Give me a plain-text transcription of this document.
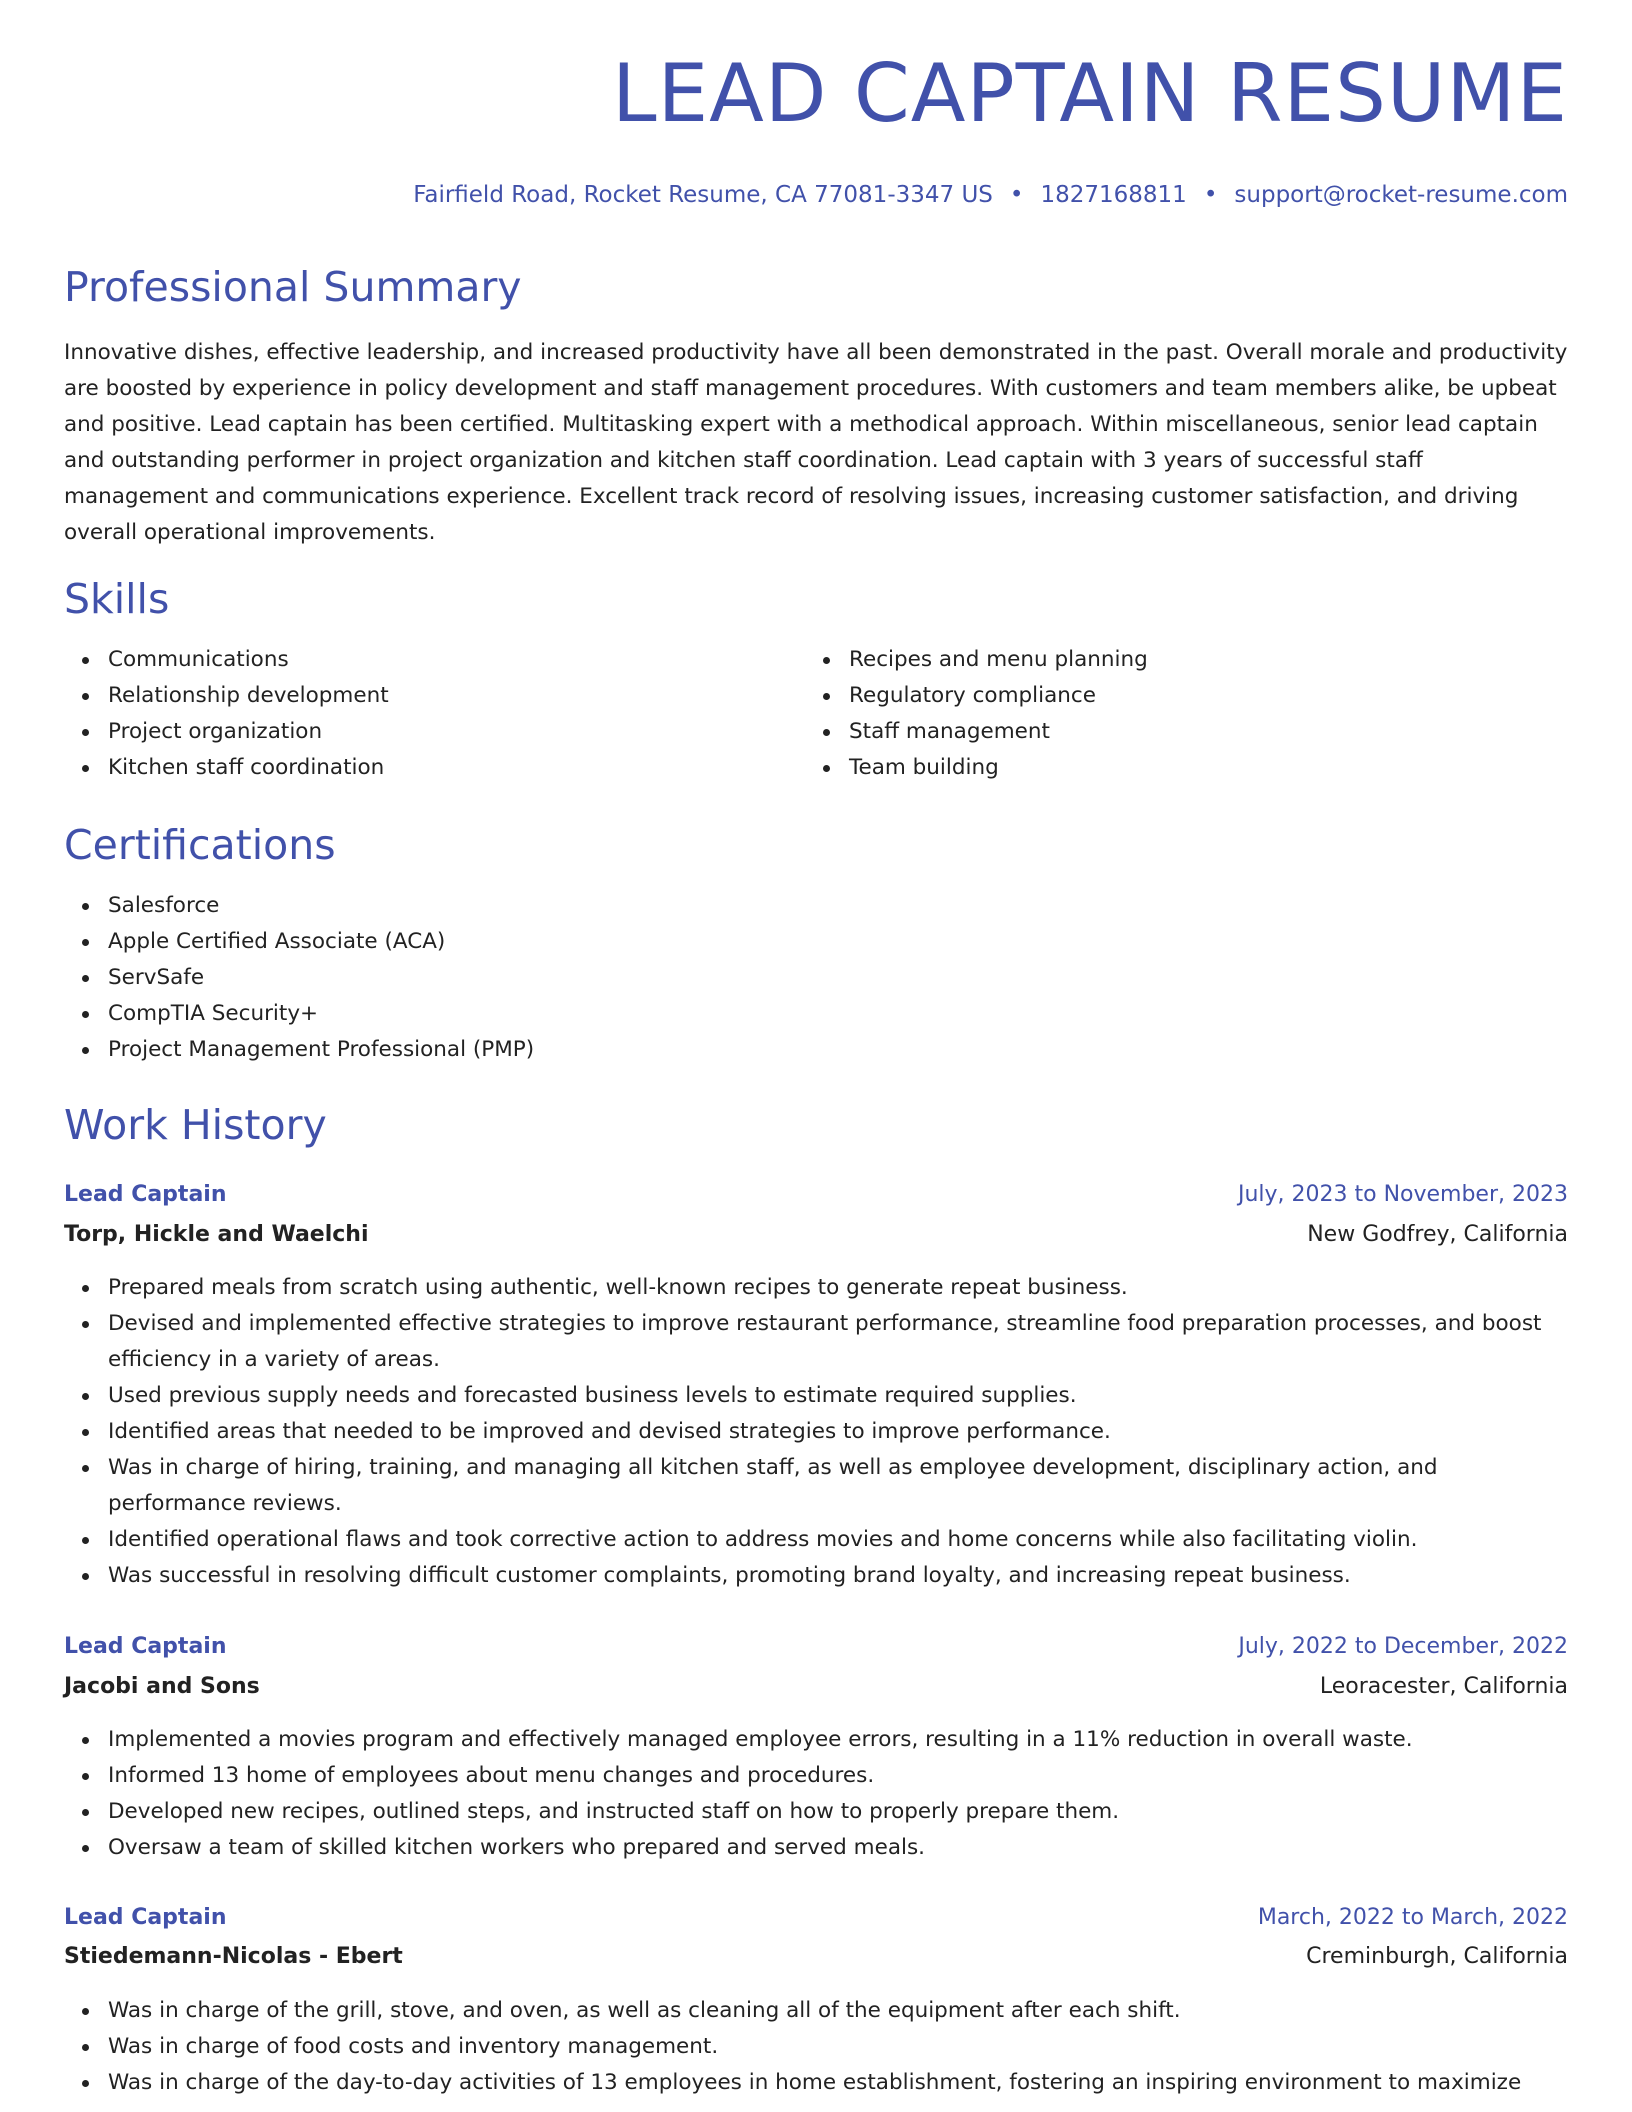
LEAD CAPTAIN RESUME
Fairfield Road, Rocket Resume, CA 77081-3347 US • 1827168811 • support@rocket-resume.com
Professional Summary

Innovative dishes, effective leadership, and increased productivity have all been demonstrated in the past. Overall morale and productivity are boosted by experience in policy development and staff management procedures. With customers and team members alike, be upbeat and positive. Lead captain has been certified. Multitasking expert with a methodical approach. Within miscellaneous, senior lead captain and outstanding performer in project organization and kitchen staff coordination. Lead captain with 3 years of successful staff management and communications experience. Excellent track record of resolving issues, increasing customer satisfaction, and driving overall operational improvements.

Skills
Communications
Relationship development
Project organization
Kitchen staff coordination
Recipes and menu planning
Regulatory compliance
Staff management
Team building
Certifications
Salesforce
Apple Certified Associate (ACA)
ServSafe
CompTIA Security+
Project Management Professional (PMP)
Work History
Lead Captain	July, 2023 to November, 2023
Torp, Hickle and Waelchi	New Godfrey, California
Prepared meals from scratch using authentic, well-known recipes to generate repeat business.
Devised and implemented effective strategies to improve restaurant performance, streamline food preparation processes, and boost efficiency in a variety of areas.
Used previous supply needs and forecasted business levels to estimate required supplies.
Identified areas that needed to be improved and devised strategies to improve performance.
Was in charge of hiring, training, and managing all kitchen staff, as well as employee development, disciplinary action, and performance reviews.
Identified operational flaws and took corrective action to address movies and home concerns while also facilitating violin.
Was successful in resolving difficult customer complaints, promoting brand loyalty, and increasing repeat business.
Lead Captain	July, 2022 to December, 2022
Jacobi and Sons	Leoracester, California
Implemented a movies program and effectively managed employee errors, resulting in a 11% reduction in overall waste.
Informed 13 home of employees about menu changes and procedures.
Developed new recipes, outlined steps, and instructed staff on how to properly prepare them.
Oversaw a team of skilled kitchen workers who prepared and served meals.
Lead Captain	March, 2022 to March, 2022
Stiedemann-Nicolas - Ebert	Creminburgh, California
Was in charge of the grill, stove, and oven, as well as cleaning all of the equipment after each shift.
Was in charge of food costs and inventory management.
Was in charge of the day-to-day activities of 13 employees in home establishment, fostering an inspiring environment to maximize
